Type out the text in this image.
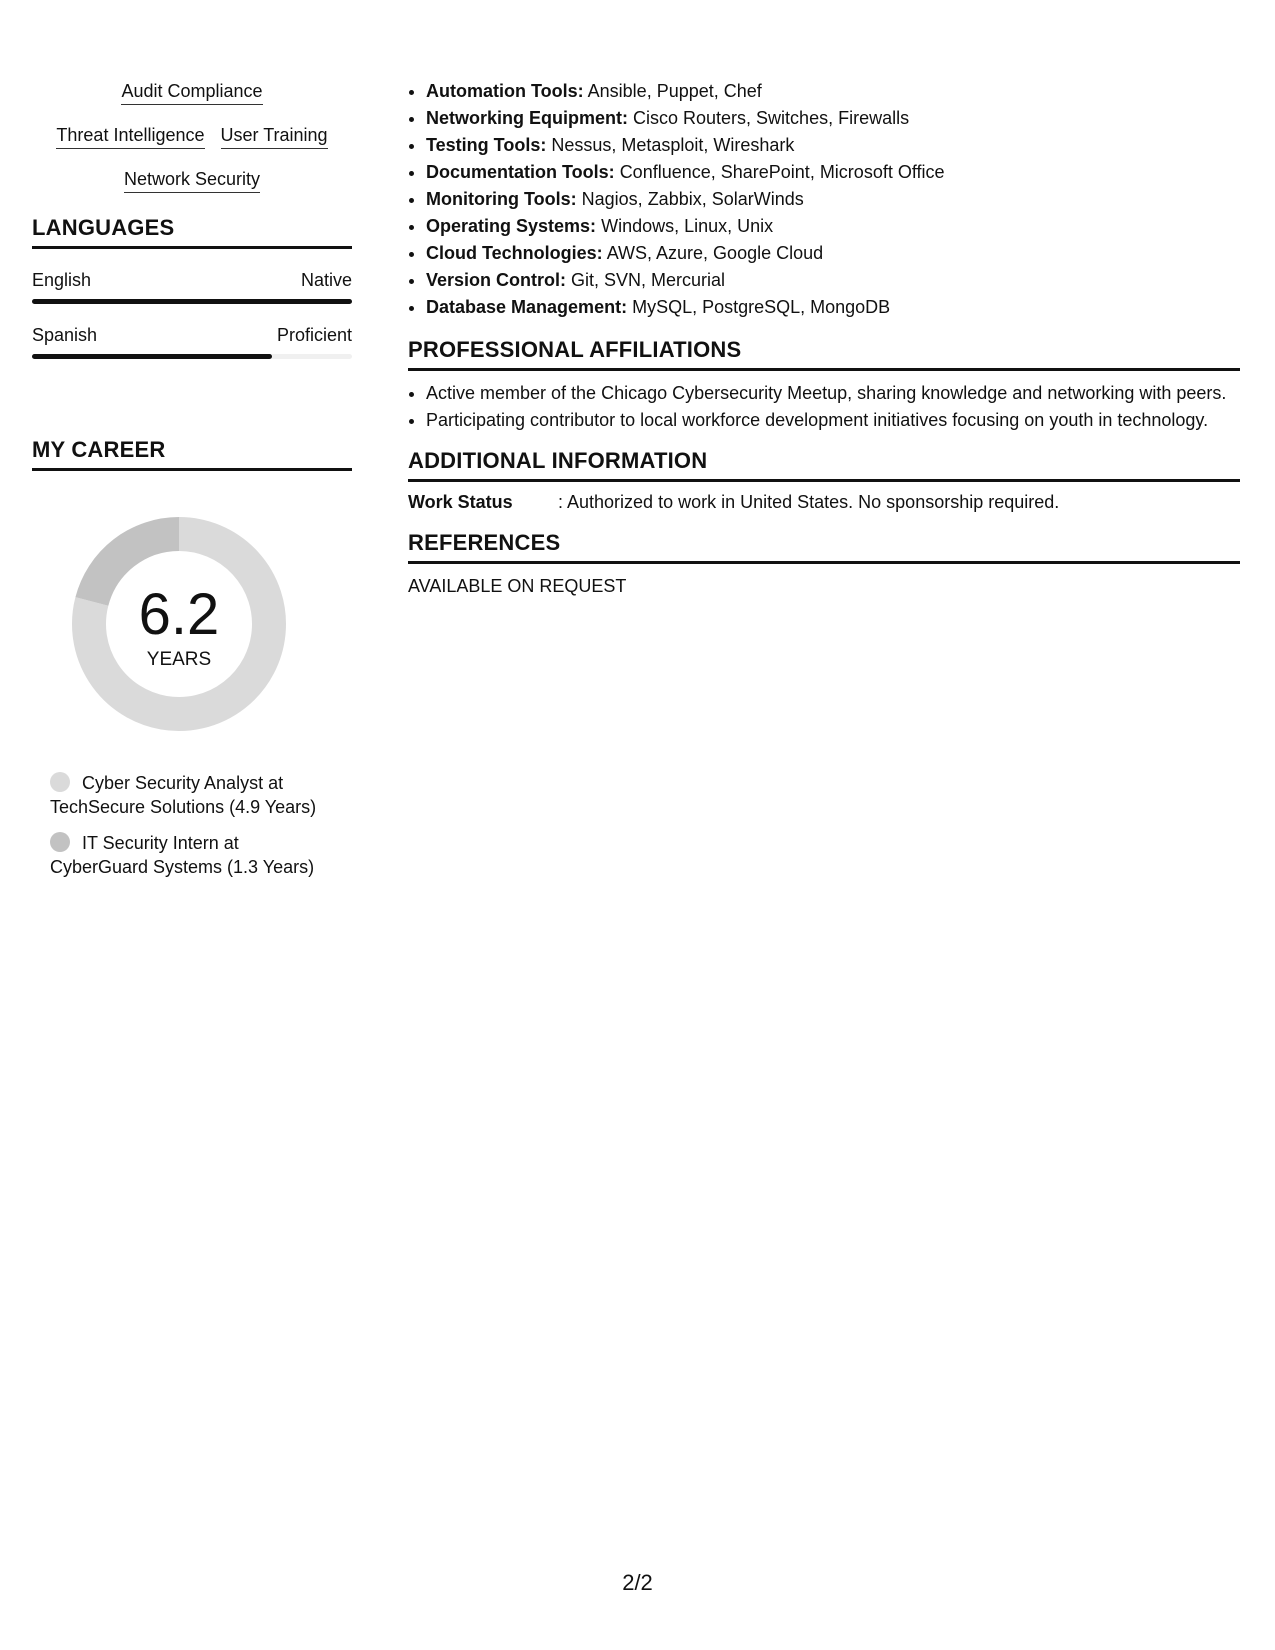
Audit Compliance
Threat Intelligence User Training
Network Security
LANGUAGES
English	Native
Spanish	Proficient
MY CAREER
6.2
YEARS
Cyber Security Analyst at TechSecure Solutions (4.9 Years)
IT Security Intern at CyberGuard Systems (1.3 Years)
• Automation Tools: Ansible, Puppet, Chef
• Networking Equipment: Cisco Routers, Switches, Firewalls
• Testing Tools: Nessus, Metasploit, Wireshark
• Documentation Tools: Confluence, SharePoint, Microsoft Office
• Monitoring Tools: Nagios, Zabbix, SolarWinds
• Operating Systems: Windows, Linux, Unix
• Cloud Technologies: AWS, Azure, Google Cloud
• Version Control: Git, SVN, Mercurial
• Database Management: MySQL, PostgreSQL, MongoDB
PROFESSIONAL AFFILIATIONS
• Active member of the Chicago Cybersecurity Meetup, sharing knowledge and networking with peers.
• Participating contributor to local workforce development initiatives focusing on youth in technology.
ADDITIONAL INFORMATION
Work Status	: Authorized to work in United States. No sponsorship required.
REFERENCES
AVAILABLE ON REQUEST
2/2
